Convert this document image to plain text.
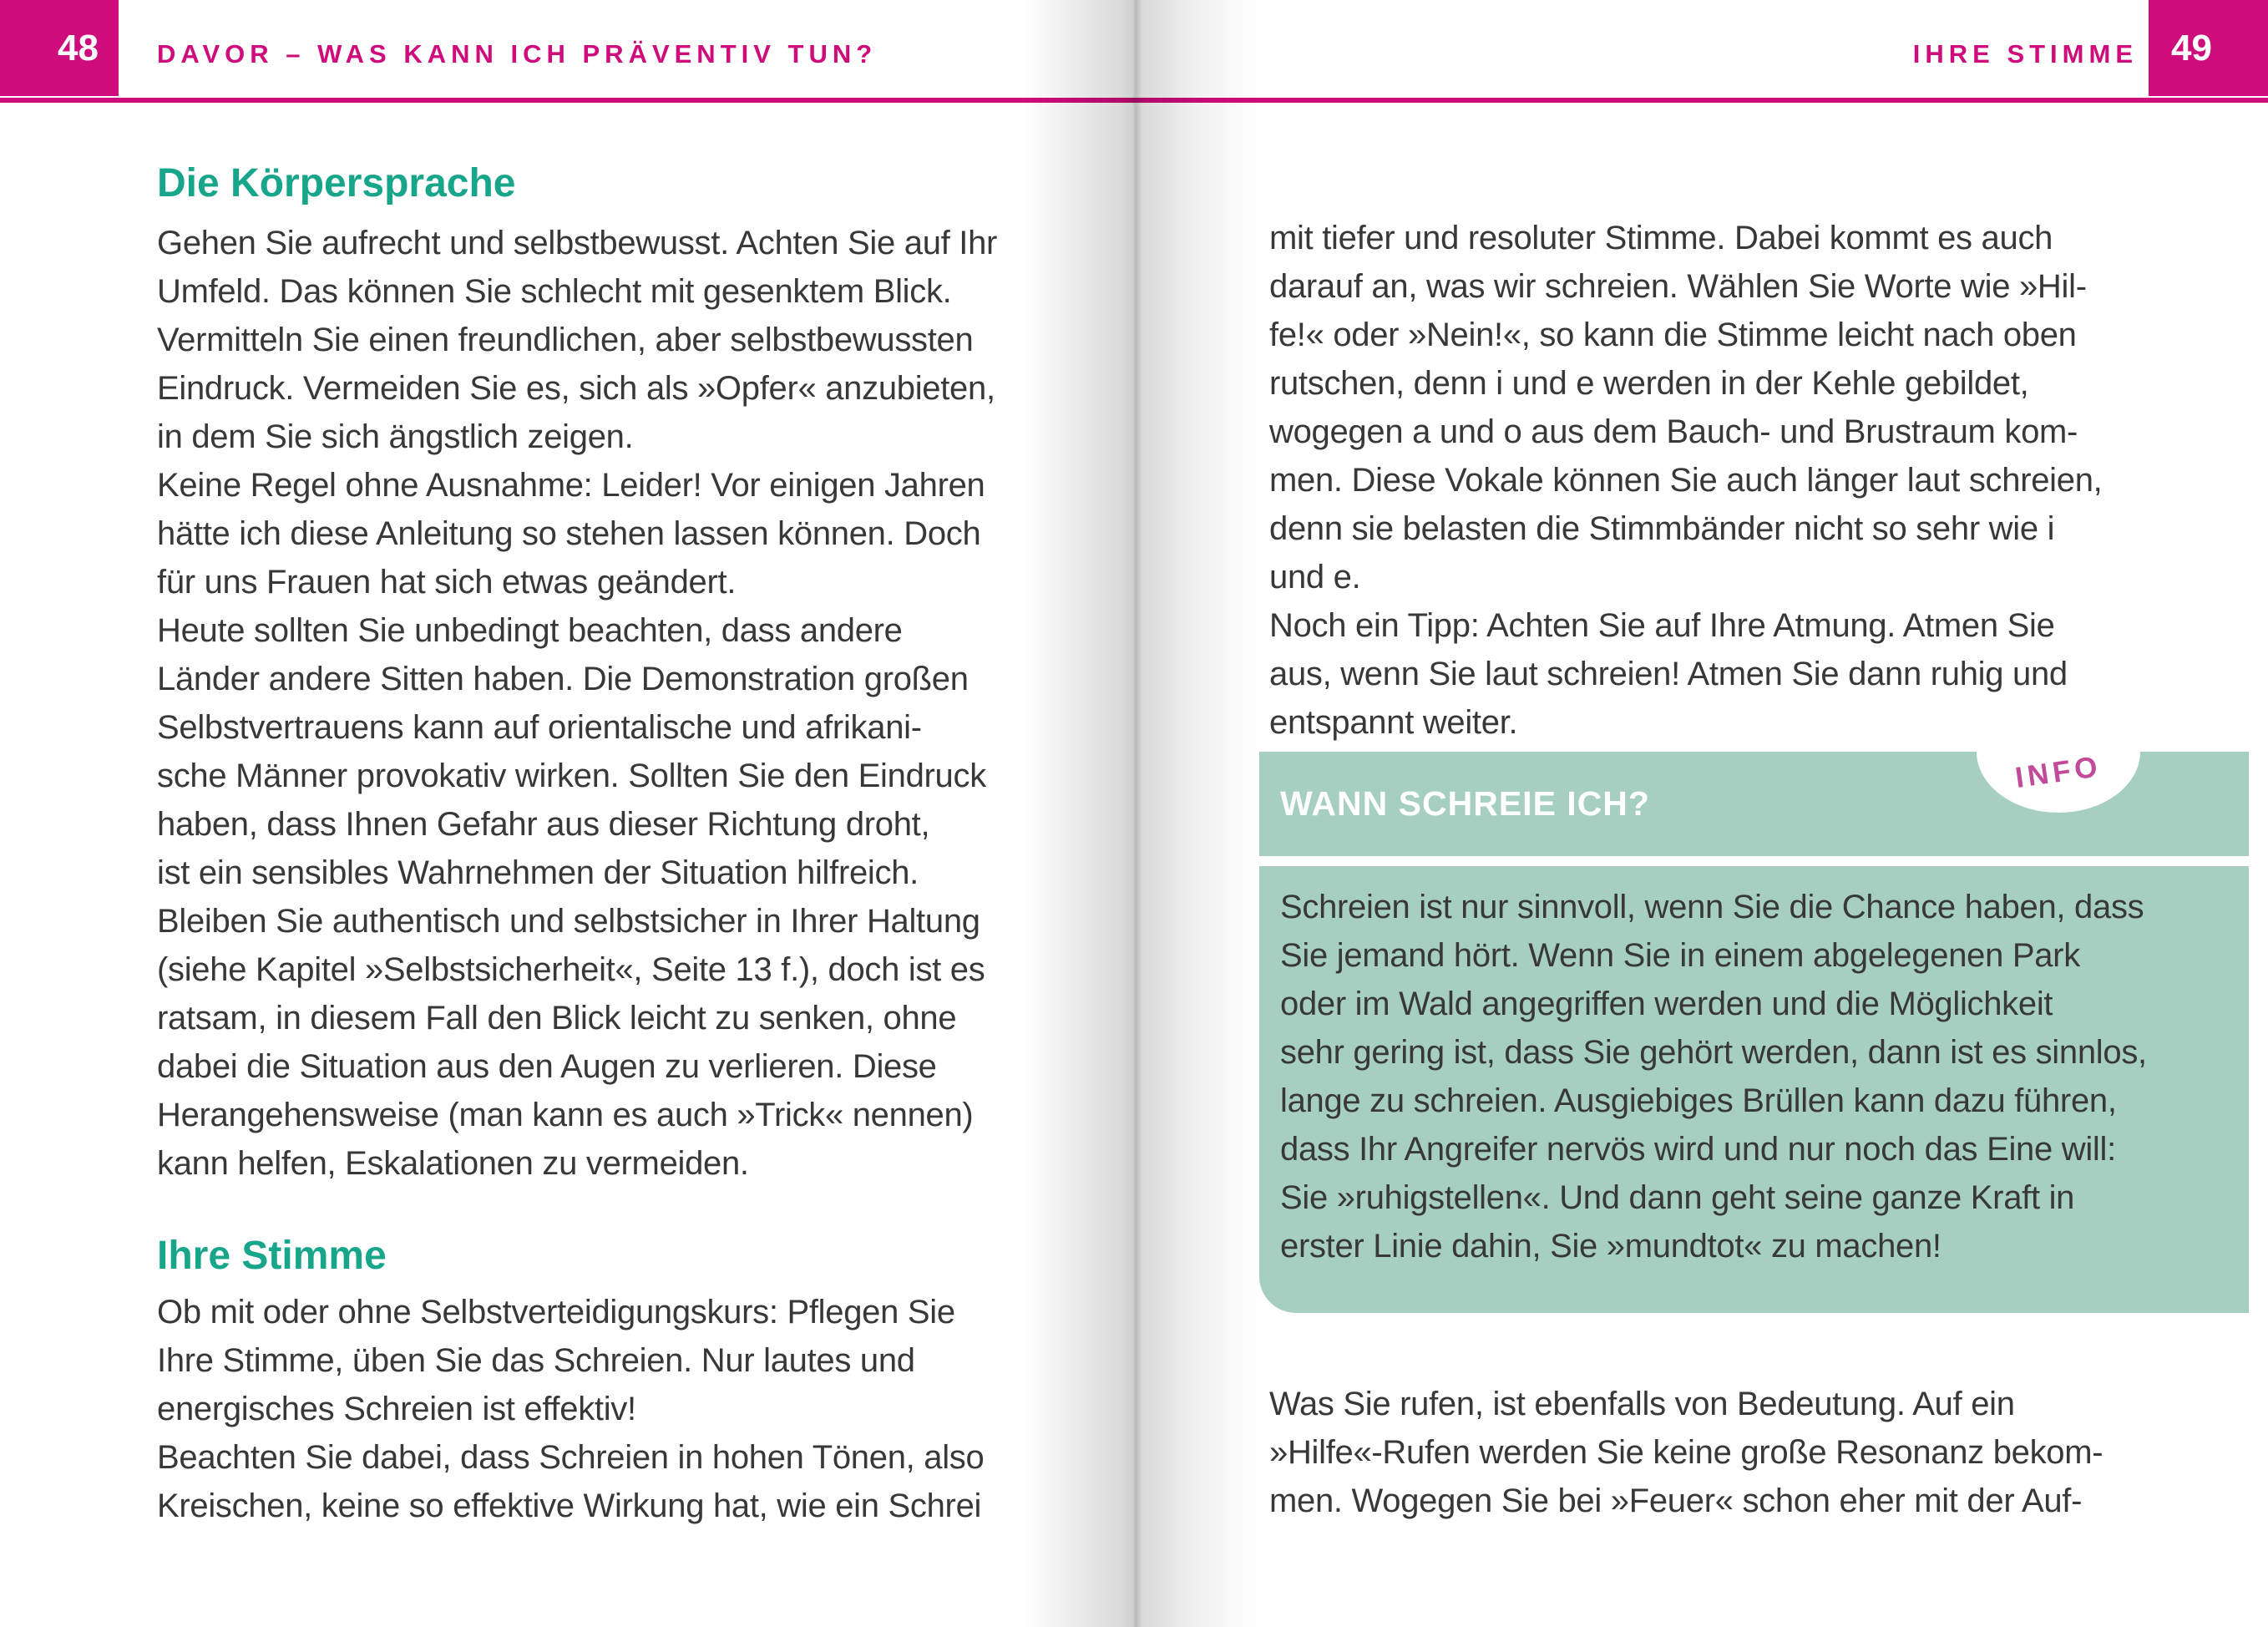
48	DAVOR – WAS KANN ICH PRÄVENTIV TUN?	IHRE STIMME 49
Die Körpersprache
Gehen Sie aufrecht und selbstbewusst. Achten Sie auf Ihr
Umfeld. Das können Sie schlecht mit gesenktem Blick.
Vermitteln Sie einen freundlichen, aber selbstbewussten
Eindruck. Vermeiden Sie es, sich als »Opfer« anzubieten,
in dem Sie sich ängstlich zeigen.
Keine Regel ohne Ausnahme: Leider! Vor einigen Jahren
hätte ich diese Anleitung so stehen lassen können. Doch
für uns Frauen hat sich etwas geändert.
Heute sollten Sie unbedingt beachten, dass andere
Länder andere Sitten haben. Die Demonstration großen
Selbstvertrauens kann auf orientalische und afrikani-
sche Männer provokativ wirken. Sollten Sie den Eindruck
haben, dass Ihnen Gefahr aus dieser Richtung droht,
ist ein sensibles Wahrnehmen der Situation hilfreich.
Bleiben Sie authentisch und selbstsicher in Ihrer Haltung
(siehe Kapitel »Selbstsicherheit«, Seite 13 f.), doch ist es
ratsam, in diesem Fall den Blick leicht zu senken, ohne
dabei die Situation aus den Augen zu verlieren. Diese
Herangehensweise (man kann es auch »Trick« nennen)
kann helfen, Eskalationen zu vermeiden.
Ihre Stimme
Ob mit oder ohne Selbstverteidigungskurs: Pflegen Sie
Ihre Stimme, üben Sie das Schreien. Nur lautes und
energisches Schreien ist effektiv!
Beachten Sie dabei, dass Schreien in hohen Tönen, also
Kreischen, keine so effektive Wirkung hat, wie ein Schrei
mit tiefer und resoluter Stimme. Dabei kommt es auch
darauf an, was wir schreien. Wählen Sie Worte wie »Hil-
fe!« oder »Nein!«, so kann die Stimme leicht nach oben
rutschen, denn i und e werden in der Kehle gebildet,
wogegen a und o aus dem Bauch- und Brustraum kom-
men. Diese Vokale können Sie auch länger laut schreien,
denn sie belasten die Stimmbänder nicht so sehr wie i
und e.
Noch ein Tipp: Achten Sie auf Ihre Atmung. Atmen Sie
aus, wenn Sie laut schreien! Atmen Sie dann ruhig und
entspannt weiter.
WANN SCHREIE ICH?
INFO
Schreien ist nur sinnvoll, wenn Sie die Chance haben, dass
Sie jemand hört. Wenn Sie in einem abgelegenen Park
oder im Wald angegriffen werden und die Möglichkeit
sehr gering ist, dass Sie gehört werden, dann ist es sinnlos,
lange zu schreien. Ausgiebiges Brüllen kann dazu führen,
dass Ihr Angreifer nervös wird und nur noch das Eine will:
Sie »ruhigstellen«. Und dann geht seine ganze Kraft in
erster Linie dahin, Sie »mundtot« zu machen!
Was Sie rufen, ist ebenfalls von Bedeutung. Auf ein
»Hilfe«-Rufen werden Sie keine große Resonanz bekom-
men. Wogegen Sie bei »Feuer« schon eher mit der Auf-
